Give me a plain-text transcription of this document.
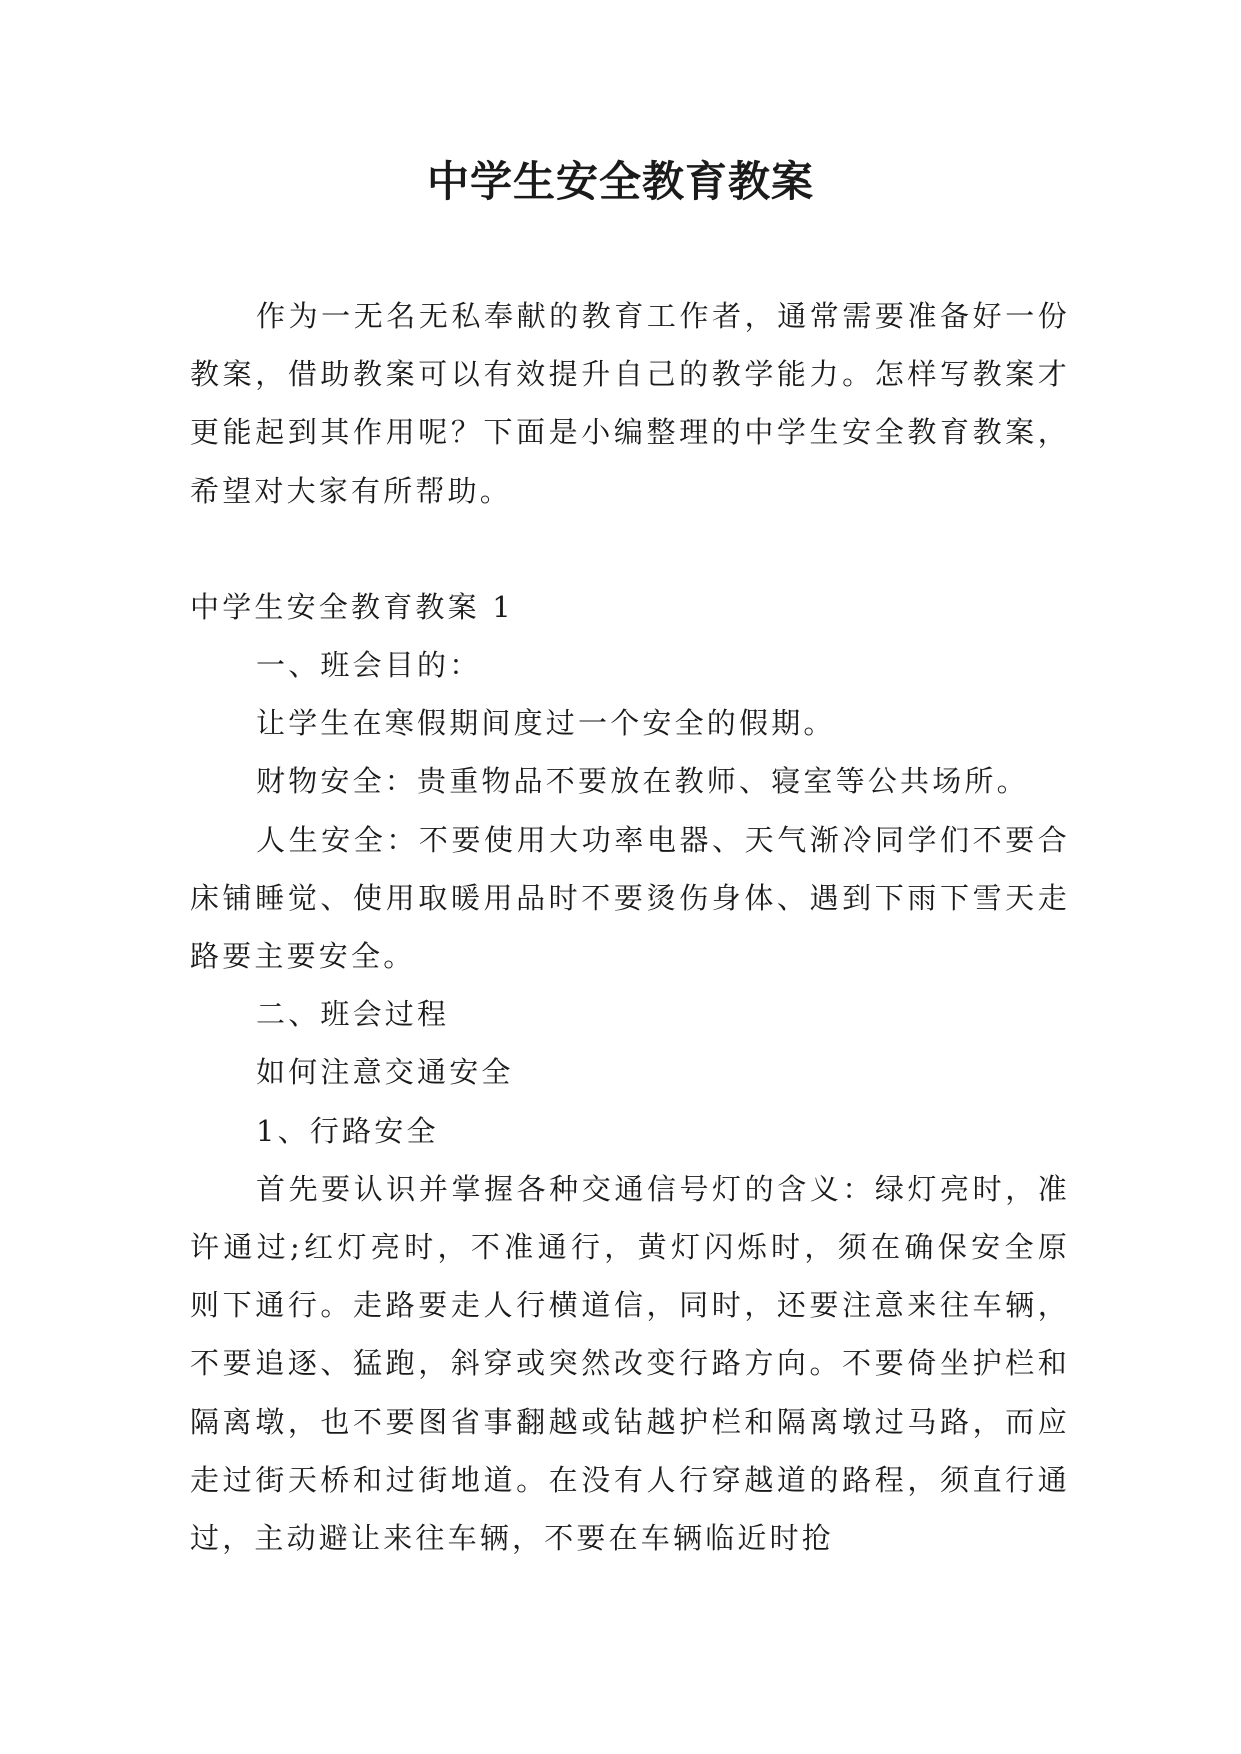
中学生安全教育教案

作为一无名无私奉献的教育工作者，通常需要准备好一份教案，借助教案可以有效提升自己的教学能力。怎样写教案才更能起到其作用呢？下面是小编整理的中学生安全教育教案，希望对大家有所帮助。

中学生安全教育教案 1

一、班会目的：

让学生在寒假期间度过一个安全的假期。

财物安全：贵重物品不要放在教师、寝室等公共场所。

人生安全：不要使用大功率电器、天气渐冷同学们不要合床铺睡觉、使用取暖用品时不要烫伤身体、遇到下雨下雪天走路要主要安全。

二、班会过程

如何注意交通安全

1、行路安全

首先要认识并掌握各种交通信号灯的含义：绿灯亮时，准许通过;红灯亮时，不准通行，黄灯闪烁时，须在确保安全原则下通行。走路要走人行横道信，同时，还要注意来往车辆，不要追逐、猛跑，斜穿或突然改变行路方向。不要倚坐护栏和隔离墩，也不要图省事翻越或钻越护栏和隔离墩过马路，而应走过街天桥和过街地道。在没有人行穿越道的路程，须直行通过，主动避让来往车辆，不要在车辆临近时抢
